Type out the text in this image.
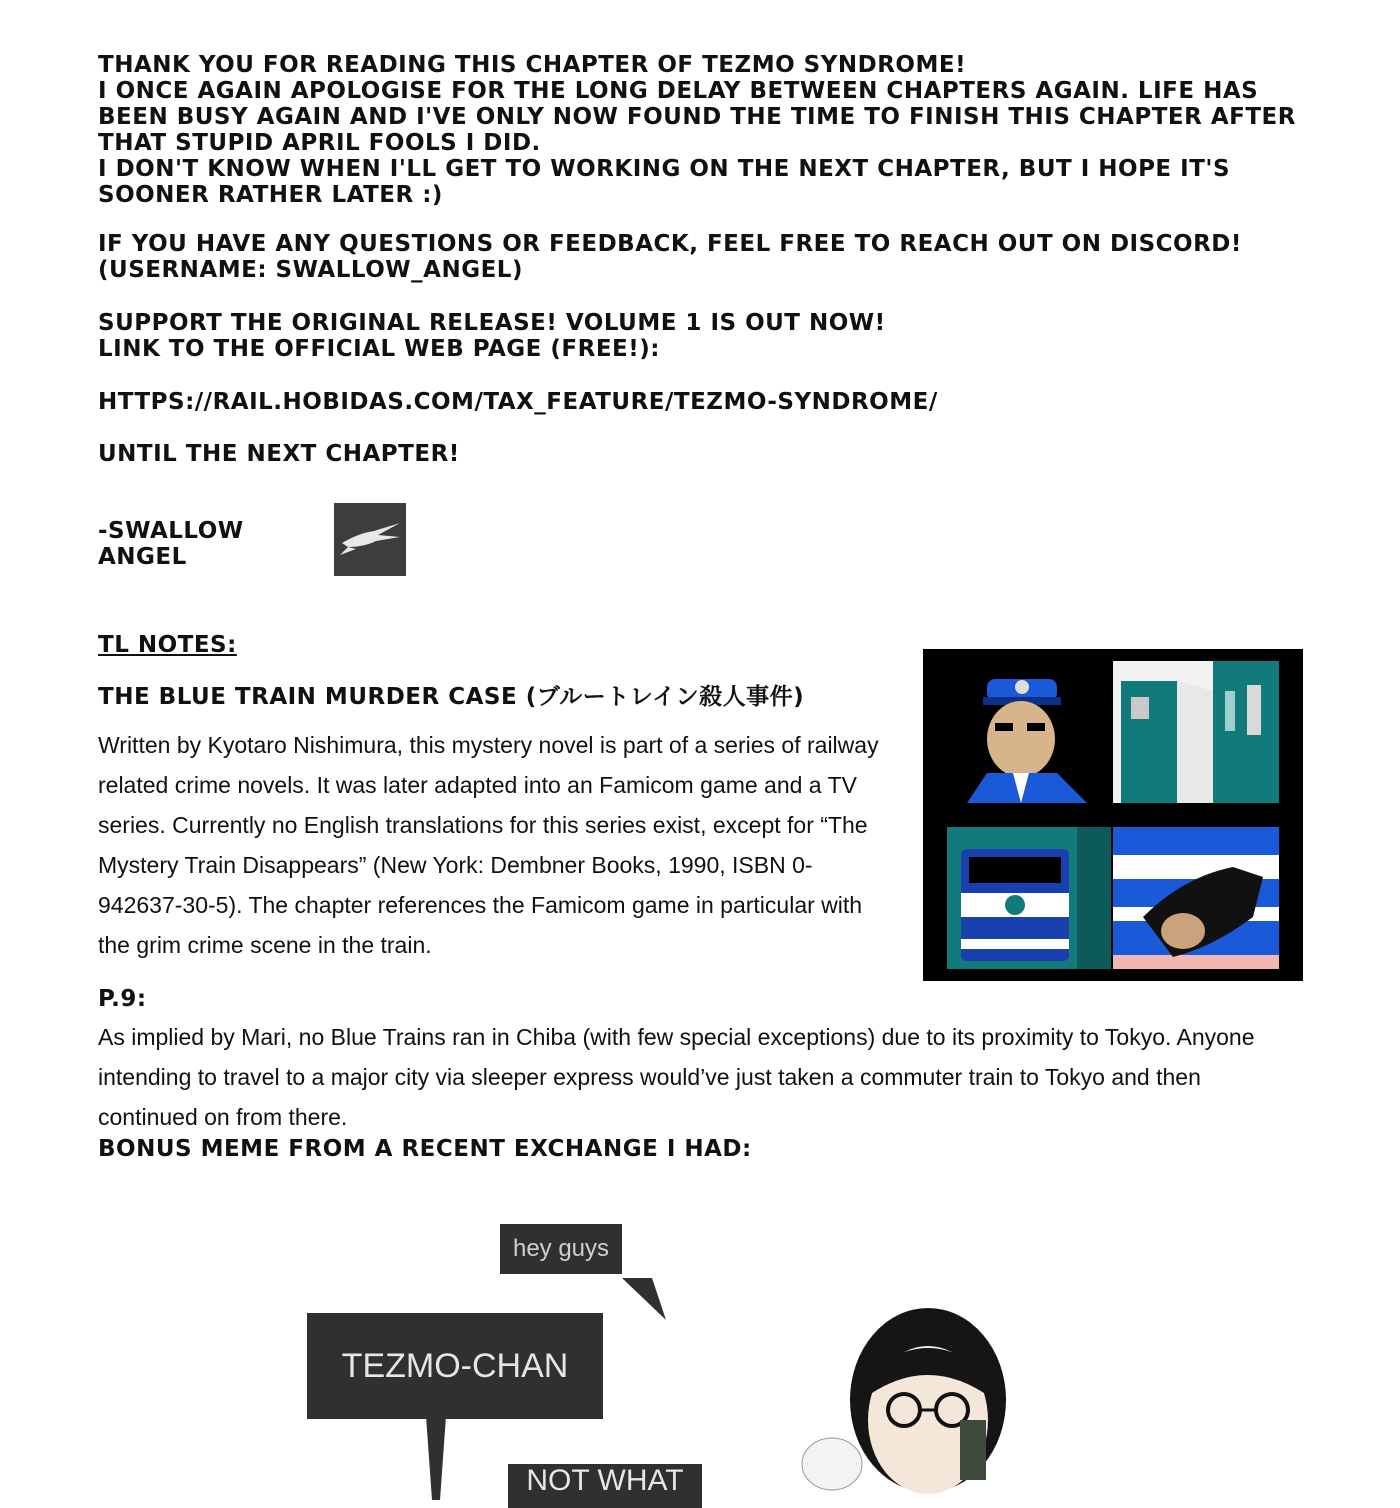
THANK YOU FOR READING THIS CHAPTER OF TEZMO SYNDROME!

I ONCE AGAIN APOLOGISE FOR THE LONG DELAY BETWEEN CHAPTERS AGAIN. LIFE HAS BEEN BUSY AGAIN AND I'VE ONLY NOW FOUND THE TIME TO FINISH THIS CHAPTER AFTER THAT STUPID APRIL FOOLS I DID.

I DON'T KNOW WHEN I'LL GET TO WORKING ON THE NEXT CHAPTER, BUT I HOPE IT'S SOONER RATHER LATER :)

IF YOU HAVE ANY QUESTIONS OR FEEDBACK, FEEL FREE TO REACH OUT ON DISCORD!

(USERNAME: SWALLOW_ANGEL)

SUPPORT THE ORIGINAL RELEASE! VOLUME 1 IS OUT NOW!

LINK TO THE OFFICIAL WEB PAGE (FREE!):

HTTPS://RAIL.HOBIDAS.COM/TAX_FEATURE/TEZMO-SYNDROME/

UNTIL THE NEXT CHAPTER!

-SWALLOW ANGEL

TL NOTES:

THE BLUE TRAIN MURDER CASE (ブルートレイン殺人事件)

Written by Kyotaro Nishimura, this mystery novel is part of a series of railway related crime novels. It was later adapted into an Famicom game and a TV series. Currently no English translations for this series exist, except for “The Mystery Train Disappears” (New York: Dembner Books, 1990, ISBN 0-942637-30-5). The chapter references the Famicom game in particular with the grim crime scene in the train.

P.9:

As implied by Mari, no Blue Trains ran in Chiba (with few special exceptions) due to its proximity to Tokyo. Anyone intending to travel to a major city via sleeper express would’ve just taken a commuter train to Tokyo and then continued on from there.

BONUS MEME FROM A RECENT EXCHANGE I HAD:

hey guys
TEZMO-CHAN
NOT WHAT
